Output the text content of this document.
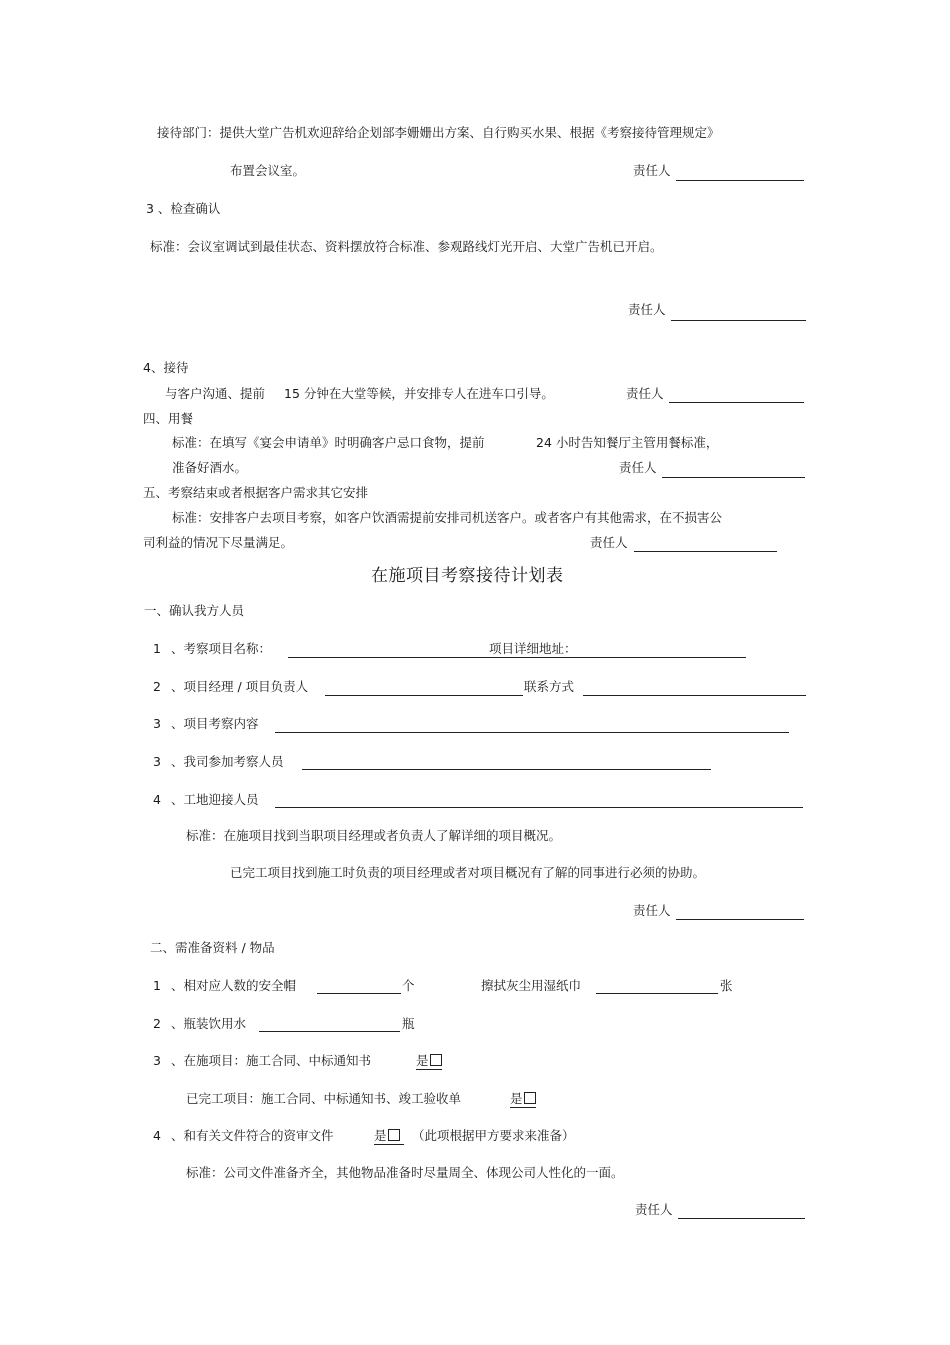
接待部门：提供大堂广告机欢迎辞给企划部李姗姗出方案、自行购买水果、根据《考察接待管理规定》
布置会议室。	责任人
3 、检查确认
标准：会议室调试到最佳状态、资料摆放符合标准、参观路线灯光开启、大堂广告机已开启。
责任人
4、接待
与客户沟通、提前 15 分钟在大堂等候，并安排专人在进车口引导。	责任人
四、用餐
标准：在填写《宴会申请单》时明确客户忌口食物，提前	24 小时告知餐厅主管用餐标准，
准备好酒水。	责任人
五、考察结束或者根据客户需求其它安排
标准：安排客户去项目考察，如客户饮酒需提前安排司机送客户。或者客户有其他需求，在不损害公
司利益的情况下尽量满足。	责任人
在施项目考察接待计划表
一、确认我方人员
1 、考察项目名称：	项目详细地址：
2 、项目经理 / 项目负责人	联系方式
3 、项目考察内容
3 、我司参加考察人员
4 、工地迎接人员
标准：在施项目找到当职项目经理或者负责人了解详细的项目概况。
已完工项目找到施工时负责的项目经理或者对项目概况有了解的同事进行必须的协助。
责任人
二、需准备资料 / 物品
1 、相对应人数的安全帽	个	擦拭灰尘用湿纸巾	张
2 、瓶装饮用水	瓶
3 、在施项目：施工合同、中标通知书	是
已完工项目：施工合同、中标通知书、竣工验收单	是
4 、和有关文件符合的资审文件	是	（此项根据甲方要求来准备）
标准：公司文件准备齐全，其他物品准备时尽量周全、体现公司人性化的一面。
责任人
